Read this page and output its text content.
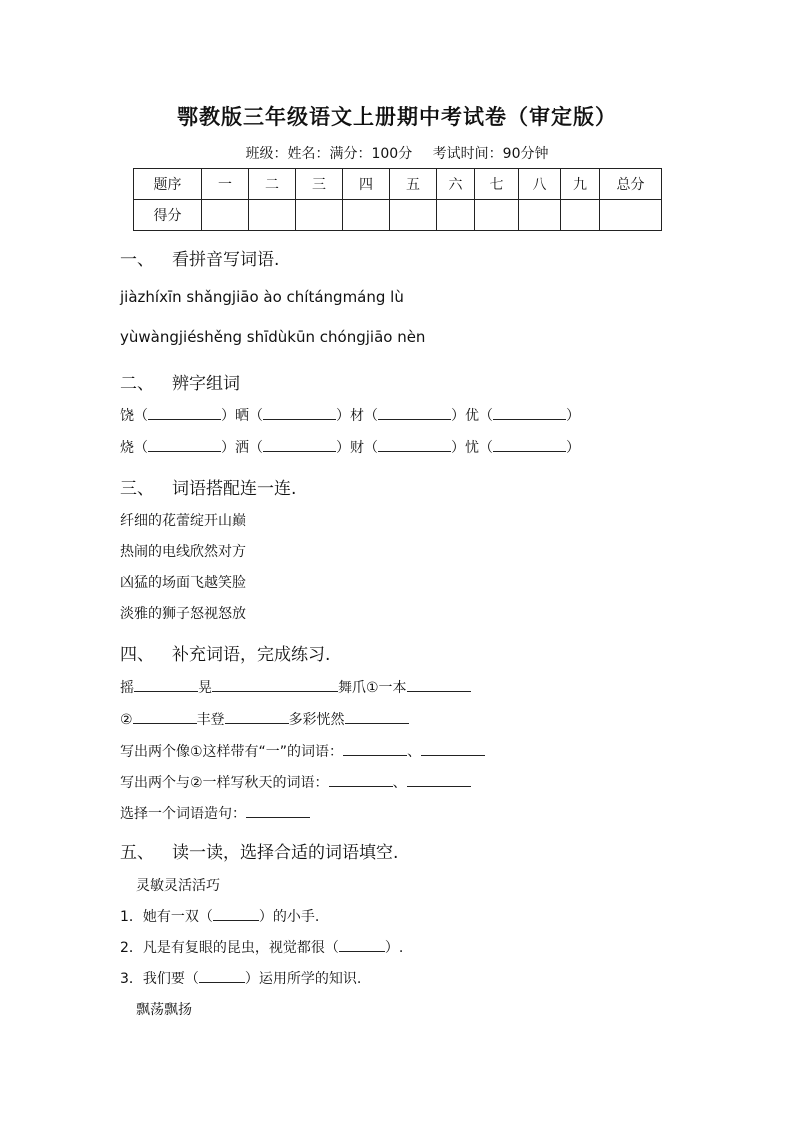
鄂教版三年级语文上册期中考试卷（审定版）
班级：姓名：满分：100分 考试时间：90分钟
题序	一	二	三	四	五	六	七	八	九	总分
得分										
一、 看拼音写词语.
jiàzhíxīn shǎngjiāo ào chítángmáng lù
yùwàngjiéshěng shīdùkūn chóngjiāo nèn
二、 辨字组词
饶（	）晒（	）材（	）优（	）
烧（	）洒（	）财（	）忧（	）
三、 词语搭配连一连.
纤细的花蕾绽开山巅
热闹的电线欣然对方
凶猛的场面飞越笑脸
淡雅的狮子怒视怒放
四、 补充词语，完成练习.
摇	晃	舞爪①一本
②	丰登	多彩恍然
写出两个像①这样带有“一”的词语：	、
写出两个与②一样写秋天的词语：	、
选择一个词语造句：
五、 读一读，选择合适的词语填空.
灵敏灵活活巧
1．她有一双（	）的小手.
2．凡是有复眼的昆虫，视觉都很（	）.
3．我们要（	）运用所学的知识.
飘荡飘扬
